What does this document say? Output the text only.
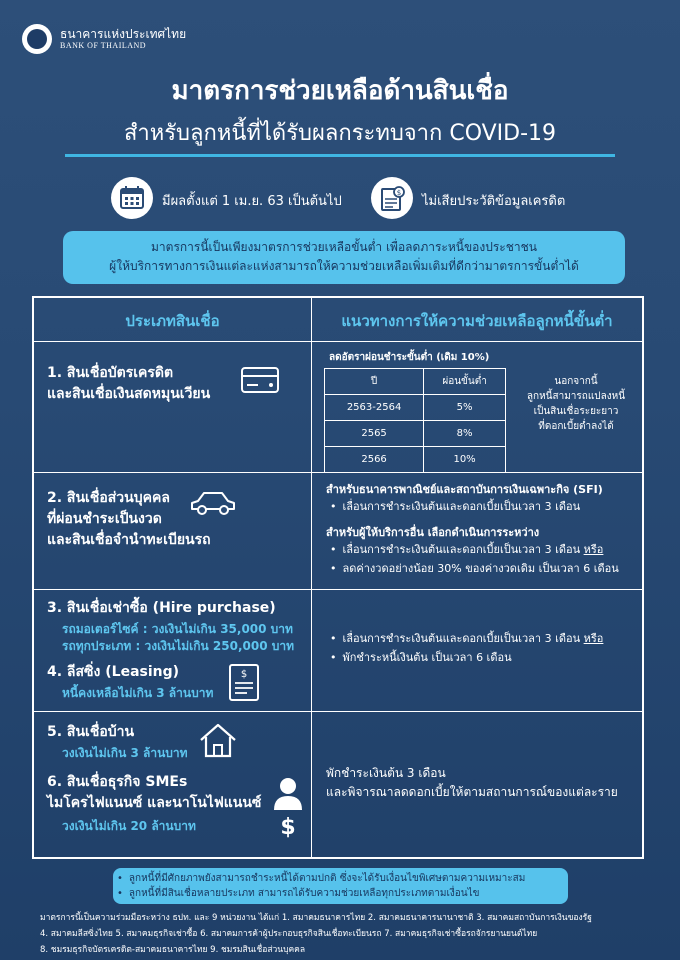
ธนาคารแห่งประเทศไทย
BANK OF THAILAND
มาตรการช่วยเหลือด้านสินเชื่อ
สำหรับลูกหนี้ที่ได้รับผลกระทบจาก COVID-19
มีผลตั้งแต่ 1 เม.ย. 63 เป็นต้นไป
$
ไม่เสียประวัติข้อมูลเครดิต
มาตรการนี้เป็นเพียงมาตรการช่วยเหลือขั้นต่ำ เพื่อลดภาระหนี้ของประชาชน
ผู้ให้บริการทางการเงินแต่ละแห่งสามารถให้ความช่วยเหลือเพิ่มเติมที่ดีกว่ามาตรการขั้นต่ำได้
ประเภทสินเชื่อ	แนวทางการให้ความช่วยเหลือลูกหนี้ขั้นต่ำ
1. สินเชื่อบัตรเครดิต
และสินเชื่อเงินสดหมุนเวียน
ลดอัตราผ่อนชำระขั้นต่ำ (เดิม 10%)
ปี	ผ่อนขั้นต่ำ
2563-2564	5%
2565	8%
2566	10%
นอกจากนี้
ลูกหนี้สามารถแปลงหนี้
เป็นสินเชื่อระยะยาว
ที่ดอกเบี้ยต่ำลงได้
2. สินเชื่อส่วนบุคคล
ที่ผ่อนชำระเป็นงวด
และสินเชื่อจำนำทะเบียนรถ
สำหรับธนาคารพาณิชย์และสถาบันการเงินเฉพาะกิจ (SFI)
• เลื่อนการชำระเงินต้นและดอกเบี้ยเป็นเวลา 3 เดือน
สำหรับผู้ให้บริการอื่น เลือกดำเนินการระหว่าง
• เลื่อนการชำระเงินต้นและดอกเบี้ยเป็นเวลา 3 เดือน หรือ
• ลดค่างวดอย่างน้อย 30% ของค่างวดเดิม เป็นเวลา 6 เดือน
3. สินเชื่อเช่าซื้อ (Hire purchase)
รถมอเตอร์ไซค์ : วงเงินไม่เกิน 35,000 บาท
รถทุกประเภท : วงเงินไม่เกิน 250,000 บาท
4. ลีสซิ่ง (Leasing)
หนี้คงเหลือไม่เกิน 3 ล้านบาท
$
• เลื่อนการชำระเงินต้นและดอกเบี้ยเป็นเวลา 3 เดือน หรือ
• พักชำระหนี้เงินต้น เป็นเวลา 6 เดือน
5. สินเชื่อบ้าน
วงเงินไม่เกิน 3 ล้านบาท
6. สินเชื่อธุรกิจ SMEs
ไมโครไฟแนนซ์ และนาโนไฟแนนซ์
วงเงินไม่เกิน 20 ล้านบาท	$
พักชำระเงินต้น 3 เดือน
และพิจารณาลดดอกเบี้ยให้ตามสถานการณ์ของแต่ละราย
• ลูกหนี้ที่มีศักยภาพยังสามารถชำระหนี้ได้ตามปกติ ซึ่งจะได้รับเงื่อนไขพิเศษตามความเหมาะสม
• ลูกหนี้ที่มีสินเชื่อหลายประเภท สามารถได้รับความช่วยเหลือทุกประเภทตามเงื่อนไข
มาตรการนี้เป็นความร่วมมือระหว่าง ธปท. และ 9 หน่วยงาน ได้แก่ 1. สมาคมธนาคารไทย 2. สมาคมธนาคารนานาชาติ 3. สมาคมสถาบันการเงินของรัฐ
4. สมาคมลีสซิ่งไทย 5. สมาคมธุรกิจเช่าซื้อ 6. สมาคมการค้าผู้ประกอบธุรกิจสินเชื่อทะเบียนรถ 7. สมาคมธุรกิจเช่าซื้อรถจักรยานยนต์ไทย
8. ชมรมธุรกิจบัตรเครดิต-สมาคมธนาคารไทย 9. ชมรมสินเชื่อส่วนบุคคล
